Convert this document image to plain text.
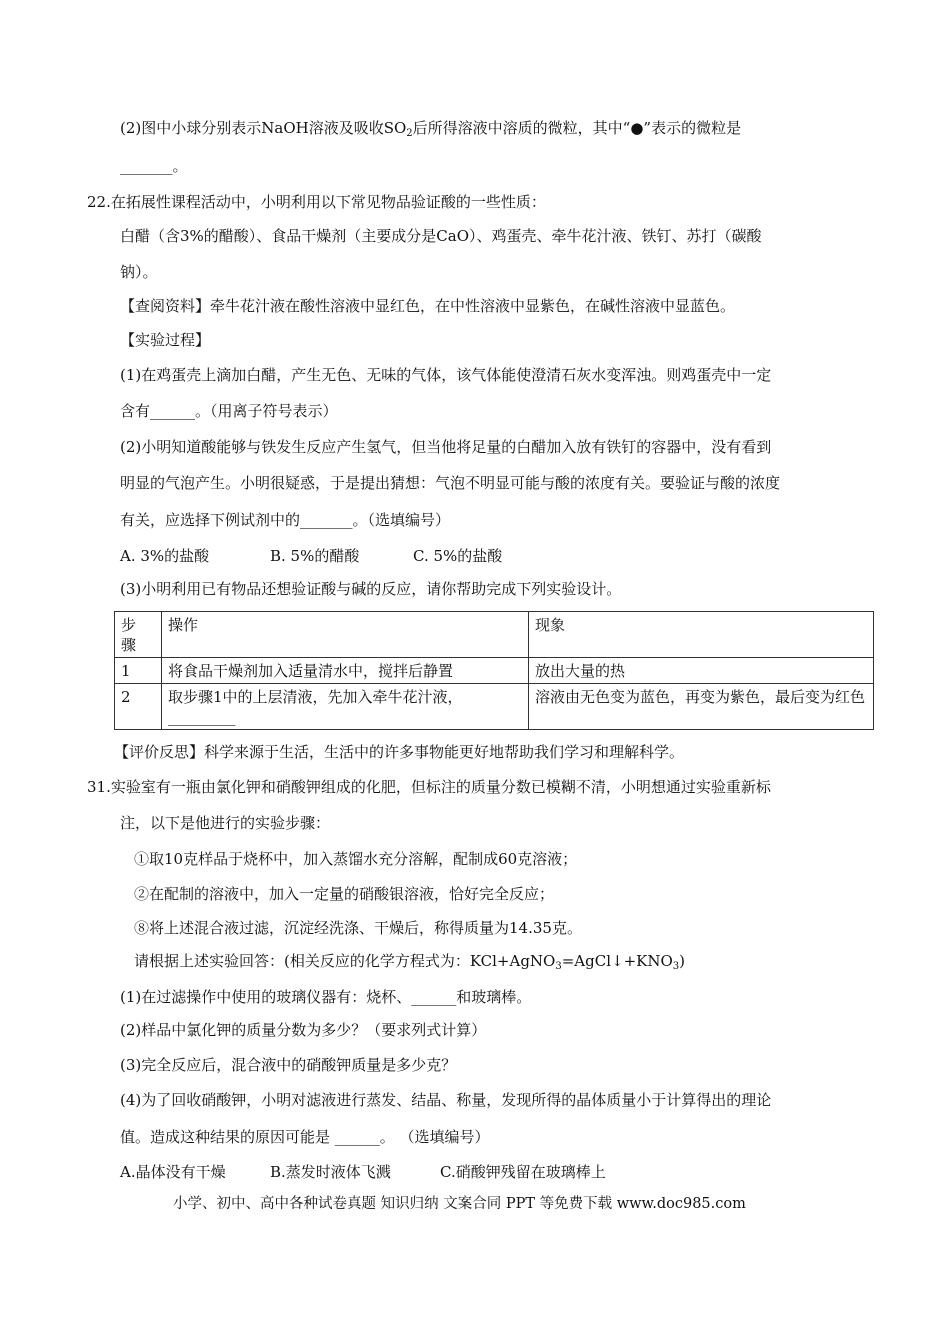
(2)图中小球分别表示NaOH溶液及吸收$SO_2$后所得溶液中溶质的微粒，其中“●”表示的微粒是
_______。
22.在拓展性课程活动中，小明利用以下常见物品验证酸的一些性质：
白醋（含3%的醋酸）、食品干燥剂（主要成分是CaO）、鸡蛋壳、牵牛花汁液、铁钉、苏打（碳酸
钠）。
【查阅资料】牵牛花汁液在酸性溶液中显红色，在中性溶液中显紫色，在碱性溶液中显蓝色。
【实验过程】
(1)在鸡蛋壳上滴加白醋，产生无色、无味的气体，该气体能使澄清石灰水变浑浊。则鸡蛋壳中一定
含有______。（用离子符号表示）
(2)小明知道酸能够与铁发生反应产生氢气，但当他将足量的白醋加入放有铁钉的容器中，没有看到
明显的气泡产生。小明很疑惑，于是提出猜想：气泡不明显可能与酸的浓度有关。要验证与酸的浓度
有关，应选择下例试剂中的_______。（选填编号）
A. 3%的盐酸	B. 5%的醋酸	C. 5%的盐酸
(3)小明利用已有物品还想验证酸与碱的反应，请你帮助完成下列实验设计。
步骤	操作	现象
1	将食品干燥剂加入适量清水中，搅拌后静置	放出大量的热
2	取步骤1中的上层清液，先加入牵牛花汁液，
_________	溶液由无色变为蓝色，再变为紫色，最后变为红色
【评价反思】科学来源于生活，生活中的许多事物能更好地帮助我们学习和理解科学。
31.实验室有一瓶由氯化钾和硝酸钾组成的化肥，但标注的质量分数已模糊不清，小明想通过实验重新标
注，以下是他进行的实验步骤：
①取10克样品于烧杯中，加入蒸馏水充分溶解，配制成60克溶液；
②在配制的溶液中，加入一定量的硝酸银溶液，恰好完全反应；
⑧将上述混合液过滤，沉淀经洗涤、干燥后，称得质量为14.35克。
请根据上述实验回答：(相关反应的化学方程式为：$KCl+AgNO_3=AgCl↓+KNO_3$)
(1)在过滤操作中使用的玻璃仪器有：烧杯、______和玻璃棒。
(2)样品中氯化钾的质量分数为多少？（要求列式计算）
(3)完全反应后，混合液中的硝酸钾质量是多少克？
(4)为了回收硝酸钾，小明对滤液进行蒸发、结晶、称量，发现所得的晶体质量小于计算得出的理论
值。造成这种结果的原因可能是 ______。 （选填编号）
A.晶体没有干燥	B.蒸发时液体飞溅	C.硝酸钾残留在玻璃棒上
小学、初中、高中各种试卷真题 知识归纳 文案合同 PPT 等免费下载 www.doc985.com
